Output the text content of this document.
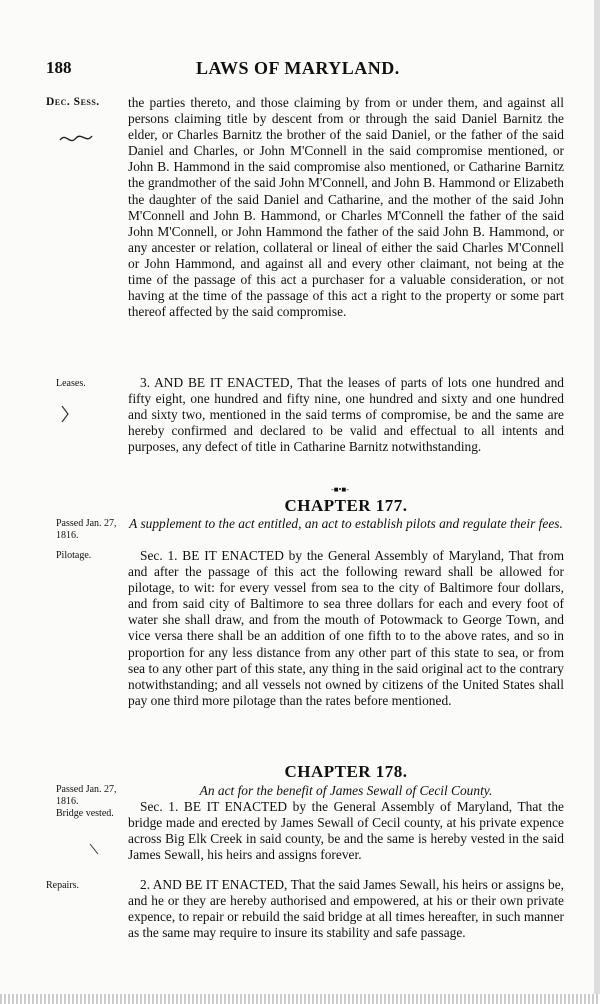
188	LAWS OF MARYLAND.
Dec. Sess.	the parties thereto, and those claiming by from or under them, and against all persons claiming title by descent from or through the said Daniel Barnitz the elder, or Charles Barnitz the brother of the said Daniel, or the father of the said Daniel and Charles, or John M'Connell in the said compromise mentioned, or John B. Hammond in the said compromise also mentioned, or Catharine Barnitz the grandmother of the said John M'Connell, and John B. Hammond or Elizabeth the daughter of the said Daniel and Catharine, and the mother of the said John M'Connell and John B. Hammond, or Charles M'Connell the father of the said John M'Connell, or John Hammond the father of the said John B. Hammond, or any ancester or relation, collateral or lineal of either the said Charles M'Connell or John Hammond, and against all and every other claimant, not being at the time of the passage of this act a purchaser for a valuable consideration, or not having at the time of the passage of this act a right to the property or some part thereof affected by the said compromise.

Leases.	3. AND BE IT ENACTED, That the leases of parts of lots one hundred and fifty eight, one hundred and fifty nine, one hundred and sixty and one hundred and sixty two, mentioned in the said terms of compromise, be and the same are hereby confirmed and declared to be valid and effectual to all intents and purposes, any defect of title in Catharine Barnitz notwithstanding.

-■•■-
CHAPTER 177.
Passed Jan. 27, 1816.
Pilotage.
A supplement to the act entitled, an act to establish pilots and regulate their fees.

Sec. 1. BE IT ENACTED by the General Assembly of Maryland, That from and after the passage of this act the following reward shall be allowed for pilotage, to wit: for every vessel from sea to the city of Baltimore four dollars, and from said city of Baltimore to sea three dollars for each and every foot of water she shall draw, and from the mouth of Potowmack to George Town, and vice versa there shall be an addition of one fifth to to the above rates, and so in proportion for any less distance from any other part of this state to sea, or from sea to any other part of this state, any thing in the said original act to the contrary notwithstanding; and all vessels not owned by citizens of the United States shall pay one third more pilotage than the rates before mentioned.

CHAPTER 178.
Passed Jan. 27, 1816.
Bridge vested.
An act for the benefit of James Sewall of Cecil County.

Sec. 1. BE IT ENACTED by the General Assembly of Maryland, That the bridge made and erected by James Sewall of Cecil county, at his private expence across Big Elk Creek in said county, be and the same is hereby vested in the said James Sewall, his heirs and assigns forever.

Repairs.	2. AND BE IT ENACTED, That the said James Sewall, his heirs or assigns be, and he or they are hereby authorised and empowered, at his or their own private expence, to repair or rebuild the said bridge at all times hereafter, in such manner as the same may require to insure its stability and safe passage.
